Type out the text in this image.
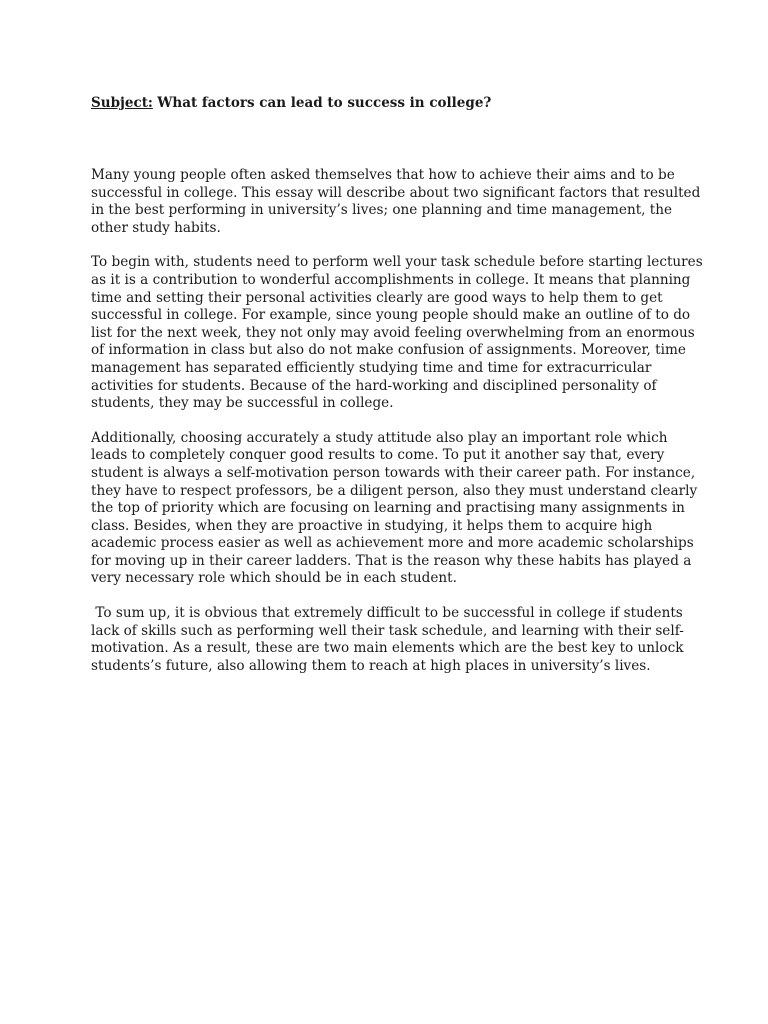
Subject: What factors can lead to success in college?

Many young people often asked themselves that how to achieve their aims and to be
successful in college. This essay will describe about two significant factors that resulted
in the best performing in university’s lives; one planning and time management, the
other study habits.

To begin with, students need to perform well your task schedule before starting lectures
as it is a contribution to wonderful accomplishments in college. It means that planning
time and setting their personal activities clearly are good ways to help them to get
successful in college. For example, since young people should make an outline of to do
list for the next week, they not only may avoid feeling overwhelming from an enormous
of information in class but also do not make confusion of assignments. Moreover, time
management has separated efficiently studying time and time for extracurricular
activities for students. Because of the hard-working and disciplined personality of
students, they may be successful in college.

Additionally, choosing accurately a study attitude also play an important role which
leads to completely conquer good results to come. To put it another say that, every
student is always a self-motivation person towards with their career path. For instance,
they have to respect professors, be a diligent person, also they must understand clearly
the top of priority which are focusing on learning and practising many assignments in
class. Besides, when they are proactive in studying, it helps them to acquire high
academic process easier as well as achievement more and more academic scholarships
for moving up in their career ladders. That is the reason why these habits has played a
very necessary role which should be in each student.

To sum up, it is obvious that extremely difficult to be successful in college if students
lack of skills such as performing well their task schedule, and learning with their self-
motivation. As a result, these are two main elements which are the best key to unlock
students’s future, also allowing them to reach at high places in university’s lives.
